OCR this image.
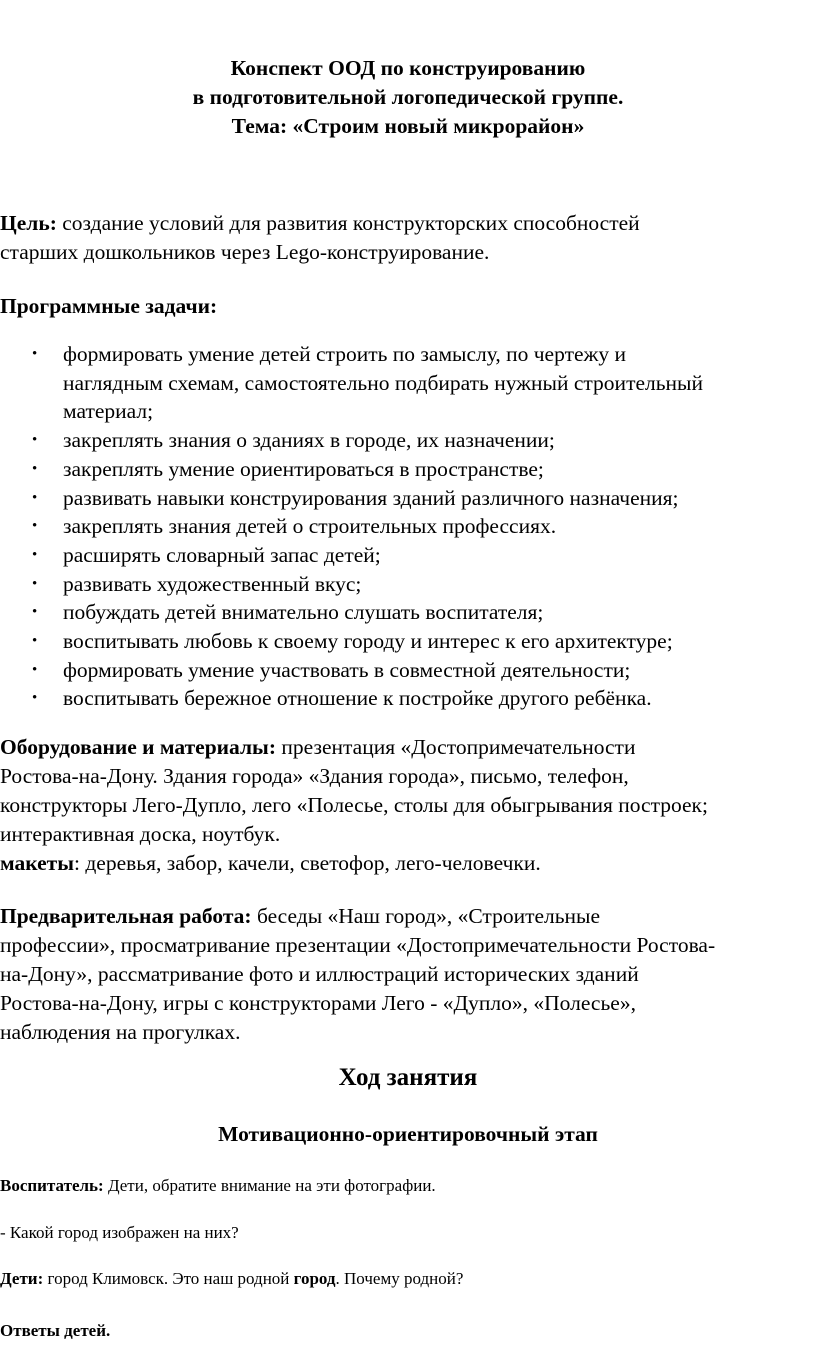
Конспект ООД по конструированию
в подготовительной логопедической группе.
Тема: «Строим новый микрорайон»
Цель: создание условий для развития конструкторских способностей
старших дошкольников через Lego-конструирование.
Программные задачи:
• формировать умение детей строить по замыслу, по чертежу и
наглядным схемам, самостоятельно подбирать нужный строительный
материал;
• закреплять знания о зданиях в городе, их назначении;
• закреплять умение ориентироваться в пространстве;
• развивать навыки конструирования зданий различного назначения;
• закреплять знания детей о строительных профессиях.
• расширять словарный запас детей;
• развивать художественный вкус;
• побуждать детей внимательно слушать воспитателя;
• воспитывать любовь к своему городу и интерес к его архитектуре;
• формировать умение участвовать в совместной деятельности;
• воспитывать бережное отношение к постройке другого ребёнка.
Оборудование и материалы: презентация «Достопримечательности
Ростова-на-Дону. Здания города» «Здания города», письмо, телефон,
конструкторы Лего-Дупло, лего «Полесье, столы для обыгрывания построек;
интерактивная доска, ноутбук.
макеты: деревья, забор, качели, светофор, лего-человечки.
Предварительная работа: беседы «Наш город», «Строительные
профессии», просматривание презентации «Достопримечательности Ростова-
на-Дону», рассматривание фото и иллюстраций исторических зданий
Ростова-на-Дону, игры с конструкторами Лего - «Дупло», «Полесье»,
наблюдения на прогулках.
Ход занятия
Мотивационно-ориентировочный этап
Воспитатель: Дети, обратите внимание на эти фотографии.
- Какой город изображен на них?
Дети: город Климовск. Это наш родной город. Почему родной?
Ответы детей.
